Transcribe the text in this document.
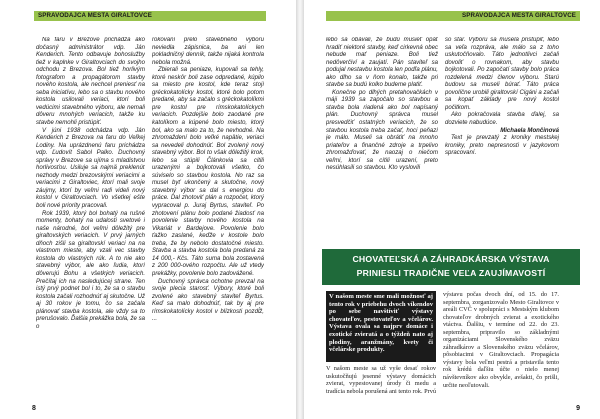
SPRAVODAJCA MESTA GIRALTOVCE

Na faru v Brezove prichádza ako dočasný administrátor vdp. Ján Kenderich. Tento odbavuje bohoslužby tiež v kaplnke v Giraltovciach do svojho odchodu z Brezova. Bol tiež horlivým fotografom a propagátorom stavby nového kostola, ale nechcel preniesť na seba iniciatívu, lebo sa o stavbu nového kostola usilovali veriaci, ktorí boli vedúcimi stavebného výboru, ale nemali dôveru mnohých veriacich, takže ku stavbe nemohli pristúpiť.

V júni 1938 odchádza vdp. Ján Kenderich z Brezova na faru do Veľkej Lodiny. Na uprázdnenú faru prichádza vdp. Ľudovít Sabol Palko. Duchovný správy v Brezove sa ujíma s mladistvou horlivosťou. Usiluje sa najmä preklenúť nezhody medzi brezovskými veriacimi a veriacimi z Giraltoviec, ktorí mali svoje záujmy, ktorí by veľmi radi videli nový kostol v Giraltovciach. Vo všetkej ešte boli nové priority pracovali.

Rok 1939, ktorý bol bohatý na rušné momenty, bohatý na udalosti svetové i naše národné, bol veľmi dôležitý pre giraltovských veriacich. V prvý jarných dňoch zišli sa giraltovskí veriaci na na vlastnom mieste, aby vzali vec stavby kostola do vlastných rúk. A to nie ako stavebný výbor, ale ako ľudia, ktorí dôverujú Bohu a všetkých veriacich. Prečítaj ich na nasledujúcej strane. Ten istý prvý podnet bol i to, že sa o stavbu kostola začali rozhodnúť aj skutočne. Už aj 30 rokov je tomu, čo sa začala plánovať stavba kostola, ale vždy sa to prerušovalo. Ďalšia prekážka bola, že sa o

rokovaní prelo stavebného výboru neviedla zápisnica, ba ani len pokladničný denník, takže nijaká kontrola nebola možná.

Zbierali sa peniaze, kupovali sa tehly, ktoré neskôr boli zase odpredané, kúpilo sa miesto pre kostol, kde teraz stojí gréckokatolícky kostol, ktoré bolo potom predané, aby sa začalo s gréckokatolíkmi pre kostol pre rímskokatolíckych veriacich. Pozdejšie bolo zaodané pre katolíkom a kúpené bolo miesto, ktorý bol, ako sa malo za to, že nevhodné. Na zhromaždení bolo veľké napätie, veriaci sa nevedeli dohodnúť. Bol zvolený nový stavebný výbor. Bol to však dôležitý krok, lebo sa stúpili Článkovia sa citili urazenými a bojkotovali všetko, čo súviselo so stavbou kostola. No raz sa musel byť ukončený a skutočne, nový stavebný výbor sa dal s energiou do práce. Dal zhotoviť plán a rozpočet, ktorý vypracoval p. Juraj Byrtus, staviteľ. Po zhotovení plánu bolo podané žiadosť na povolenie stavby nového kostola na Vikariát v Bardejove. Povolenie bolo ťažko zaslané, keďže v kostole bolo treba, že by nebolo dostatočné miesto. Stavba a stavba kostola bola predaná za 14 000,- Kčs. Táto suma bola zostavená z 200 000-ového rozpočtu. Ale už vtedy prekážky, povolenie bolo zadovážené.

Duchovný správca ochotne prevzal na svoje plecia starosť. Výbory, ktoré boli zvolené ako stavebný staviteľ Byrtus. Keď sa malo dohodnúť, tak by aj pre rímskokatolícky kostol v blízkosti pozdĺž, ...

8
SPRAVODAJCA MESTA GIRALTOVCE

lebo sa obávali, že budú musieť opäť hradiť niektoré stavby, keď cirkevná obec nebude mať peniaze. Boli tiež nedôverčiví a zaujatí. Pán staviteľ sa podujal nestavbu kostola len podľa plánu, ako dlho sa v ňom konalo, takže pri stavbe sa budú kolko budeme platiť.

Konečne po dlhých pretahovačkách v máji 1939 sa započalo so stavbou a stavba bola riadená ako bol napísaný plán. Duchovný správca musel presvedčiť ostatných veriacich, že so stavbou kostola treba začať, hoci peňazí je málo. Museli sa obrátiť na mnoho priateľov a finančné zdroje a trpelivo zhromažďovať, že naozaj o niečom veľmi, ktorí sa cítili urazení, preto nesúhlasili so stavbou. Kto vyslovili

so star. Výboru sa musela pristúpiť, lebo sa veľa rozpráva, ale málo sa z toho uskutočňovalo. Táto jednotlivci začali dovoliť o rovnakom, aby stavbu bojkotovali. Po započatí stavby bolo práca rozdelená medzi členov výboru. Starú budovu sa museli búrať. Táto práca povolíčne urobili giraltovskí Cigáni a začali sa kopať základy pre nový kostol počitkom.

Ako pokračovala stavba ďalej, sa dozviete nabudúce.

Michaela Mončinová

Text je prevzatý z kroniky mestskej kroniky, preto nepresnosti v jazykovom spracovaní.

CHOVATEĽSKÁ A ZÁHRADKÁRSKA VÝSTAVA
PRINIESLI TRADIČNE VEĽA ZAUJÍMAVOSTÍ
V našom meste sme mali možnosť aj tento rok v priebehu dvoch víkendov po sebe navštíviť výstavy chovateľov, pestovateľov a včelárov. Výstava ovala sa najprv domáce i exotické zvieratá a o týždeň nato aj plodiny, aranžmány, kvety či včelárske produkty.

V našom meste sa už vyše desať rokov uskutočňujú jesenné výstavy domácich zvierat, vypestovanej úrody či medu a tradícia nebola porušená ani tento rok. Prvú

výstavu počas dvoch dní, od 15. do 17. septembra, zorganizovalo Mesto Giraltovce v areáli CVČ v spolupráci s Mestským klubom chovateľov drobných zvierat a exotického vtáctva. Ďalšiu, v termíne od 22. do 23. septembra, pripravilo so základnými organizáciami Slovenského zväzu záhradkárov a Slovenského zväzu včelárov, pôsobiacimi v Giraltovciach. Propagácia výstavy bola veľmi pestrá a pristavila tento rok krédú daľšiu účte o nielo menej návštevníkov ako obvykle, avšakti, čo prišli, určite neoľutovali.

9
